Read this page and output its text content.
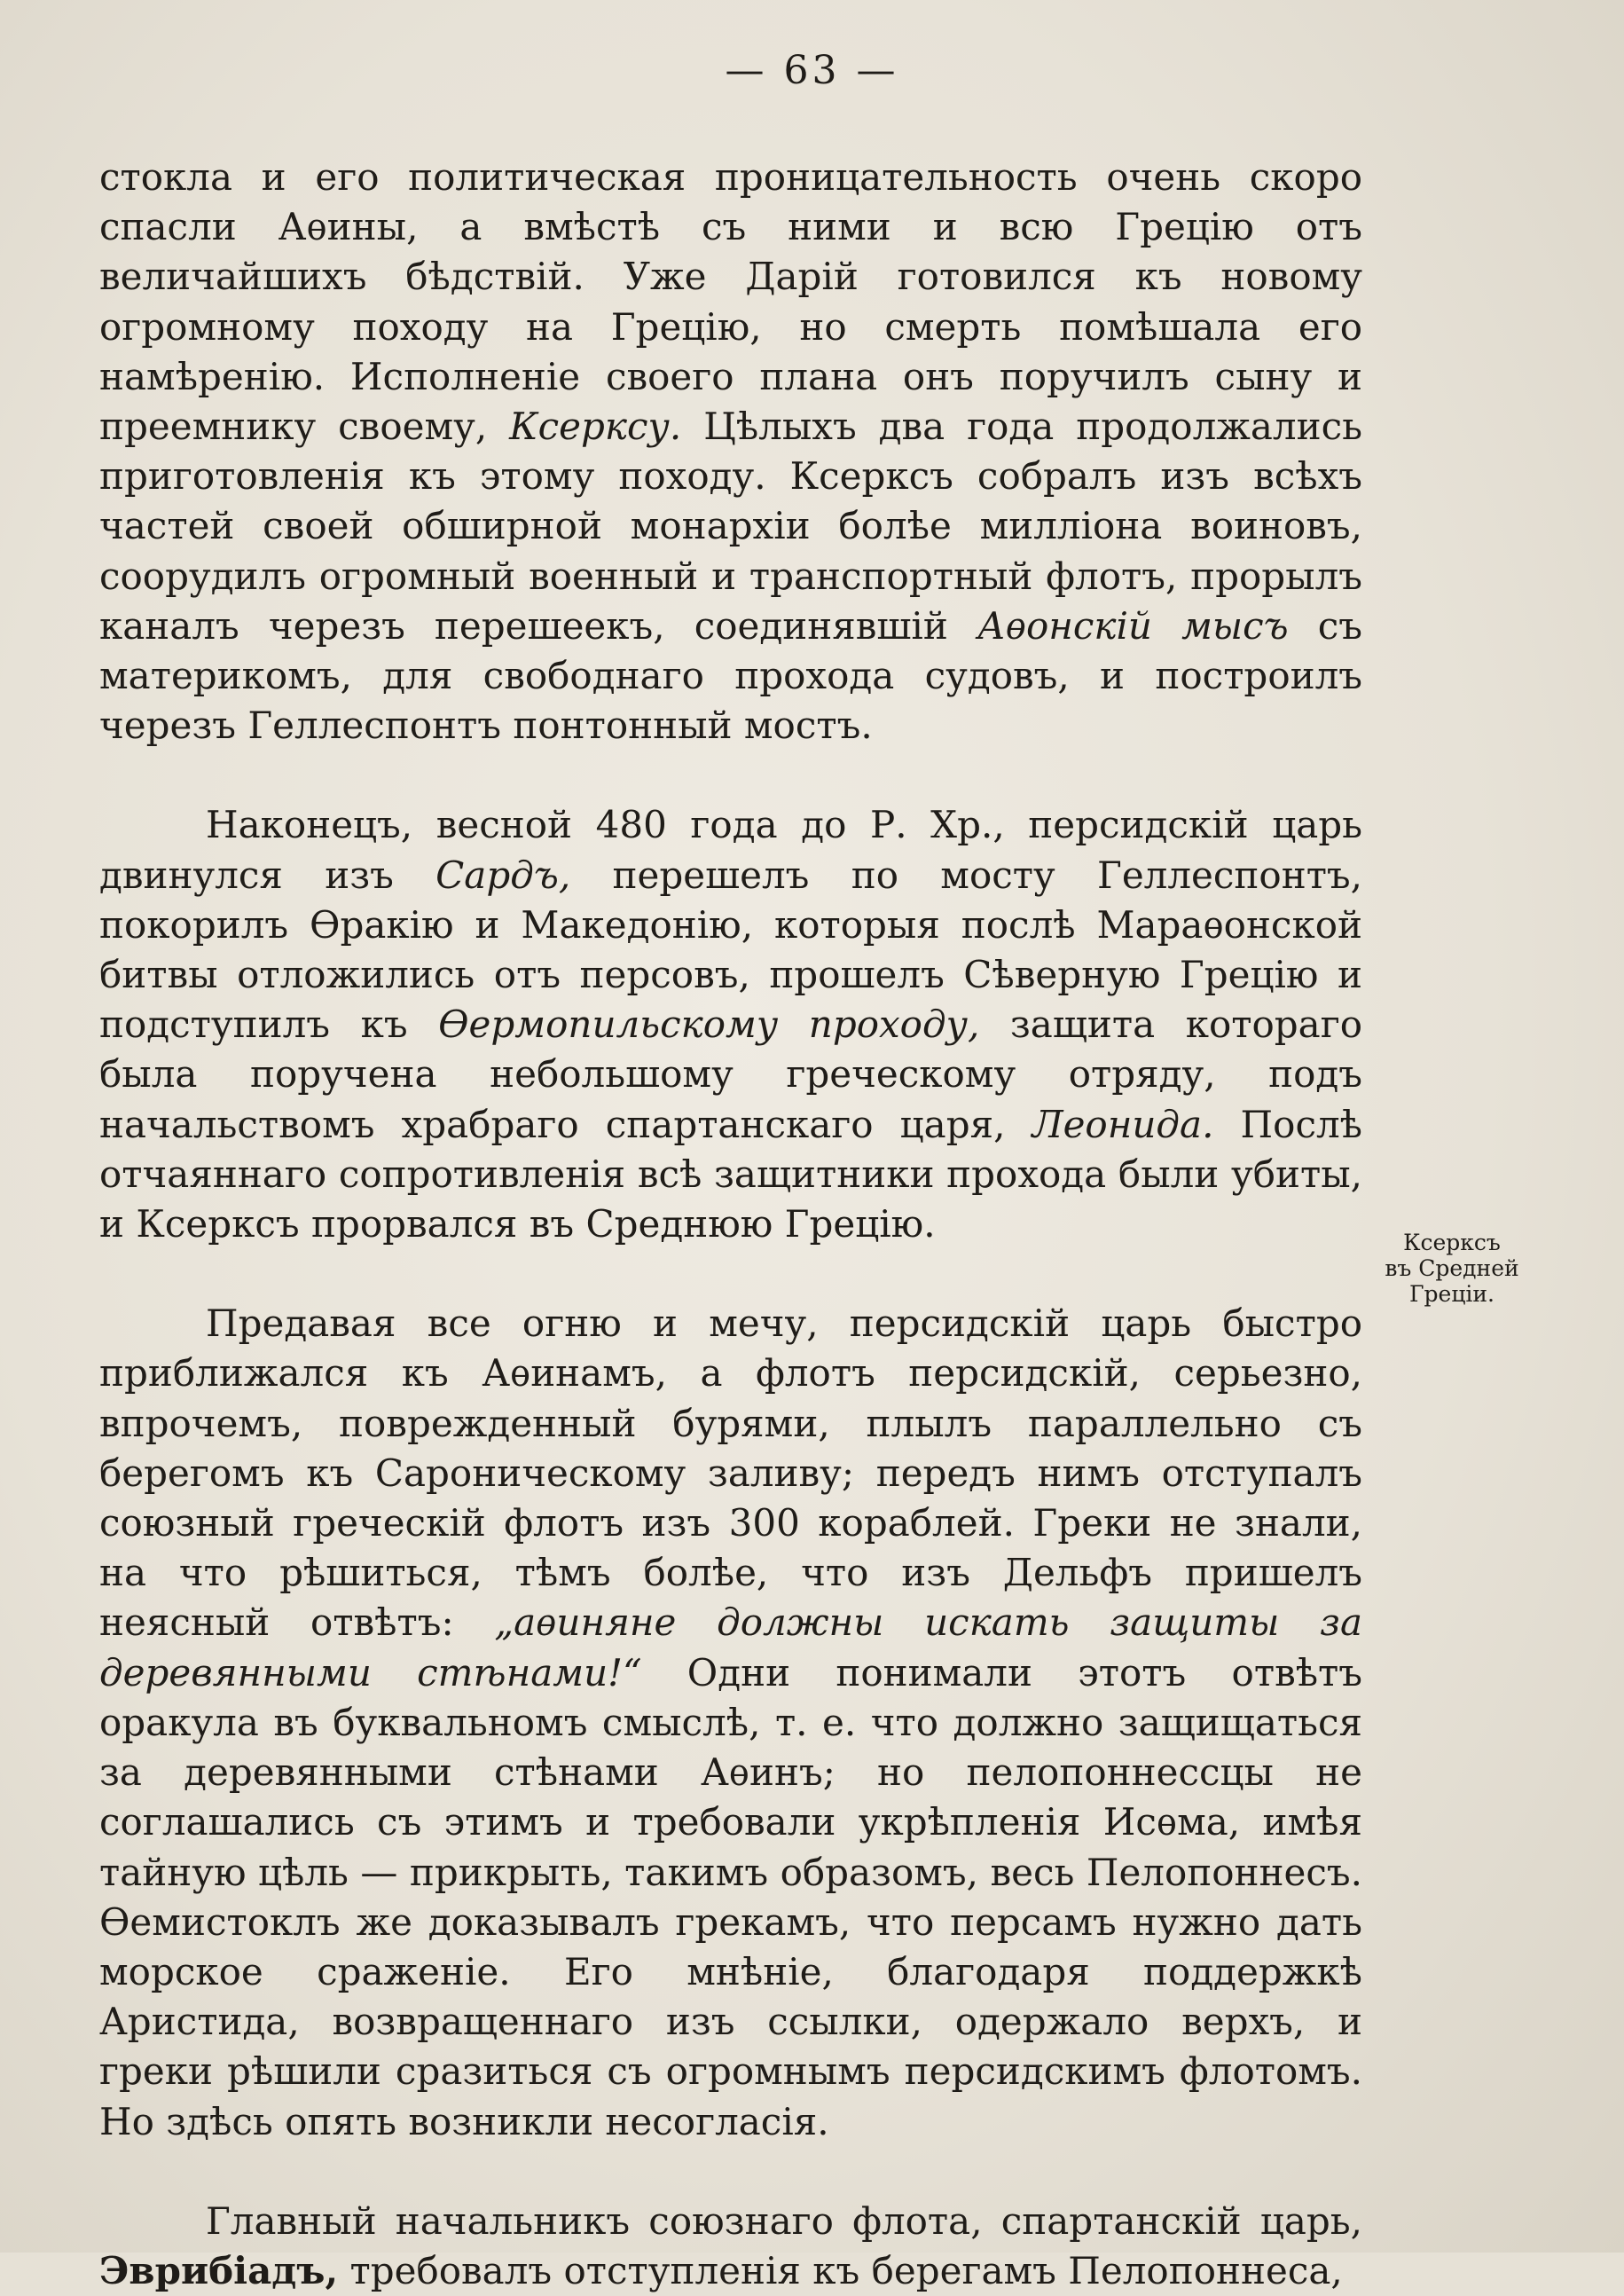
— 63 —

стокла и его политическая проницательность очень скоро спасли Аѳины, а вмѣстѣ съ ними и всю Грецію отъ величайшихъ бѣдствій. Уже Дарій готовился къ новому огромному походу на Грецію, но смерть помѣшала его намѣренію. Исполненіе своего плана онъ поручилъ сыну и преемнику своему, Ксерксу. Цѣлыхъ два года продолжались приготовленія къ этому походу. Ксерксъ собралъ изъ всѣхъ частей своей обширной монархіи болѣе милліона воиновъ, соорудилъ огромный военный и транспортный флотъ, прорылъ каналъ черезъ перешеекъ, соединявшій Аѳонскій мысъ съ материкомъ, для свободнаго прохода судовъ, и построилъ черезъ Геллеспонтъ понтонный мостъ.

Наконецъ, весной 480 года до Р. Хр., персидскій царь двинулся изъ Сардъ, перешелъ по мосту Геллеспонтъ, покорилъ Ѳракію и Македонію, которыя послѣ Мараѳонской битвы отложились отъ персовъ, прошелъ Сѣверную Грецію и подступилъ къ Ѳермопильскому проходу, защита котораго была поручена небольшому греческому отряду, подъ начальствомъ храбраго спартанскаго царя, Леонида. Послѣ отчаяннаго сопротивленія всѣ защитники прохода были убиты, и Ксерксъ прорвался въ Среднюю Грецію.

Предавая все огню и мечу, персидскій царь быстро приближался къ Аѳинамъ, а флотъ персидскій, серьезно, впрочемъ, поврежденный бурями, плылъ параллельно съ берегомъ къ Сароническому заливу; передъ нимъ отступалъ союзный греческій флотъ изъ 300 кораблей. Греки не знали, на что рѣшиться, тѣмъ болѣе, что изъ Дельфъ пришелъ неясный отвѣтъ: „аѳиняне должны искать защиты за деревянными стѣнами!“ Одни понимали этотъ отвѣтъ оракула въ буквальномъ смыслѣ, т. е. что должно защищаться за деревянными стѣнами Аѳинъ; но пелопоннессцы не соглашались съ этимъ и требовали укрѣпленія Исѳма, имѣя тайную цѣль — прикрыть, такимъ образомъ, весь Пелопоннесъ. Ѳемистоклъ же доказывалъ грекамъ, что персамъ нужно дать морское сраженіе. Его мнѣніе, благодаря поддержкѣ Аристида, возвращеннаго изъ ссылки, одержало верхъ, и греки рѣшили сразиться съ огромнымъ персидскимъ флотомъ. Но здѣсь опять возникли несогласія.

Главный начальникъ союзнаго флота, спартанскій царь, Эврибіадъ, требовалъ отступленія къ берегамъ Пелопоннеса,

Ксерксъ
въ Средней
Греціи.
